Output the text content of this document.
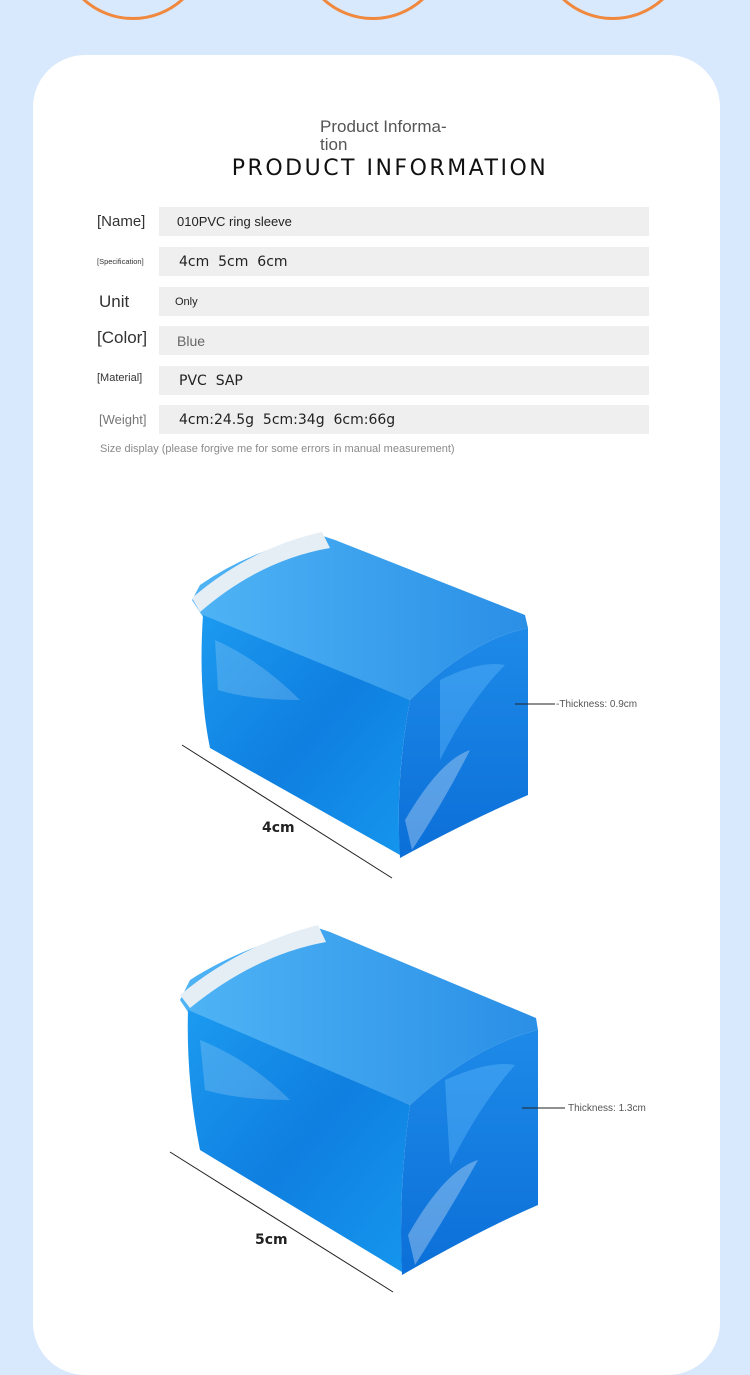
Product Informa-
tion
PRODUCT INFORMATION
[Name]	010PVC ring sleeve
[Specification]	4cm  5cm  6cm
Unit	Only
[Color]	Blue
[Material]	PVC  SAP
[Weight]	4cm:24.5g  5cm:34g  6cm:66g
Size display (please forgive me for some errors in manual measurement)
4cm
-Thickness: 0.9cm
5cm
Thickness: 1.3cm
